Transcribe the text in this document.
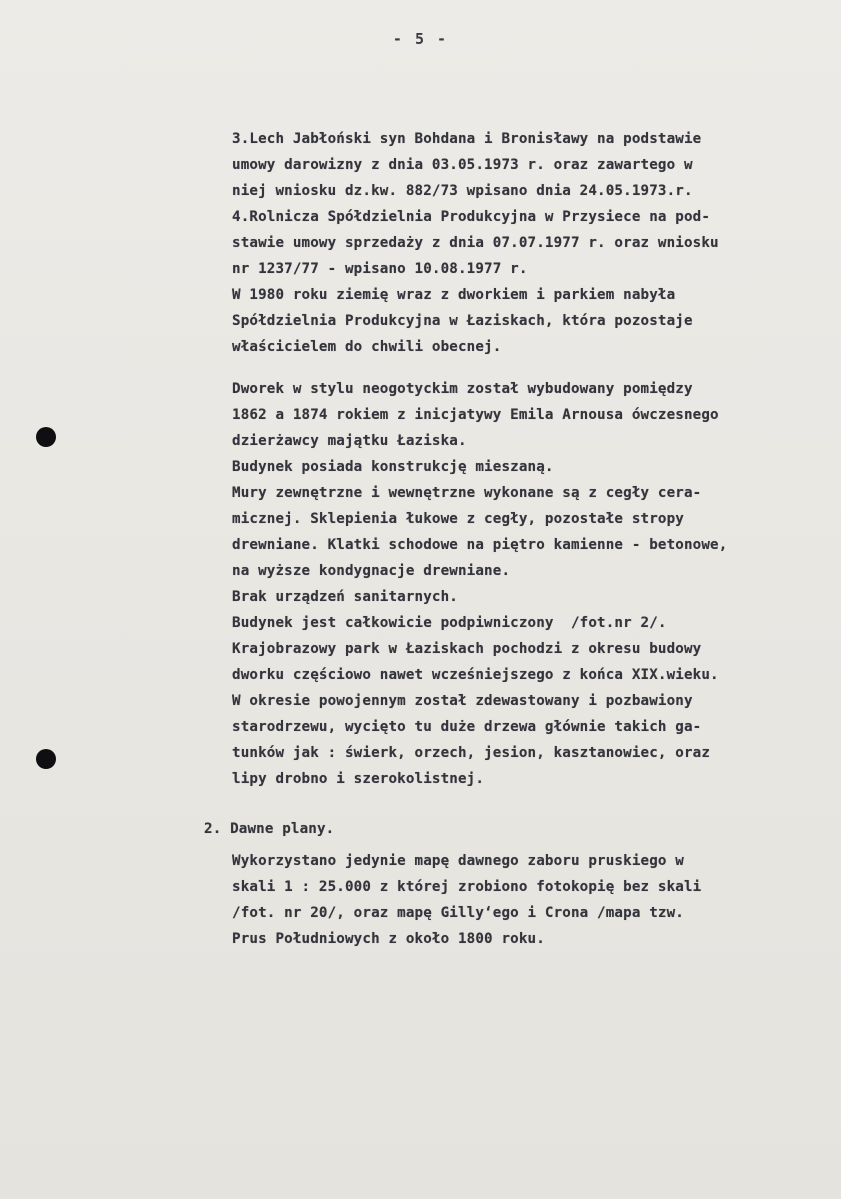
- 5 -
3.Lech Jabłoński syn Bohdana i Bronisławy na podstawie
umowy darowizny z dnia 03.05.1973 r. oraz zawartego w
niej wniosku dz.kw. 882/73 wpisano dnia 24.05.1973.r.
4.Rolnicza Spółdzielnia Produkcyjna w Przysiece na pod-
stawie umowy sprzedaży z dnia 07.07.1977 r. oraz wniosku
nr 1237/77 - wpisano 10.08.1977 r.
W 1980 roku ziemię wraz z dworkiem i parkiem nabyła
Spółdzielnia Produkcyjna w Łaziskach, która pozostaje
właścicielem do chwili obecnej.
Dworek w stylu neogotyckim został wybudowany pomiędzy
1862 a 1874 rokiem z inicjatywy Emila Arnousa ówczesnego
dzierżawcy majątku Łaziska.
Budynek posiada konstrukcję mieszaną.
Mury zewnętrzne i wewnętrzne wykonane są z cegły cera-
micznej. Sklepienia łukowe z cegły, pozostałe stropy
drewniane. Klatki schodowe na piętro kamienne - betonowe,
na wyższe kondygnacje drewniane.
Brak urządzeń sanitarnych.
Budynek jest całkowicie podpiwniczony  /fot.nr 2/.
Krajobrazowy park w Łaziskach pochodzi z okresu budowy
dworku częściowo nawet wcześniejszego z końca XIX.wieku.
W okresie powojennym został zdewastowany i pozbawiony
starodrzewu, wycięto tu duże drzewa głównie takich ga-
tunków jak : świerk, orzech, jesion, kasztanowiec, oraz
lipy drobno i szerokolistnej.
2. Dawne plany.
Wykorzystano jedynie mapę dawnego zaboru pruskiego w
skali 1 : 25.000 z której zrobiono fotokopię bez skali
/fot. nr 20/, oraz mapę Gillyʻego i Crona /mapa tzw.
Prus Południowych z około 1800 roku.
